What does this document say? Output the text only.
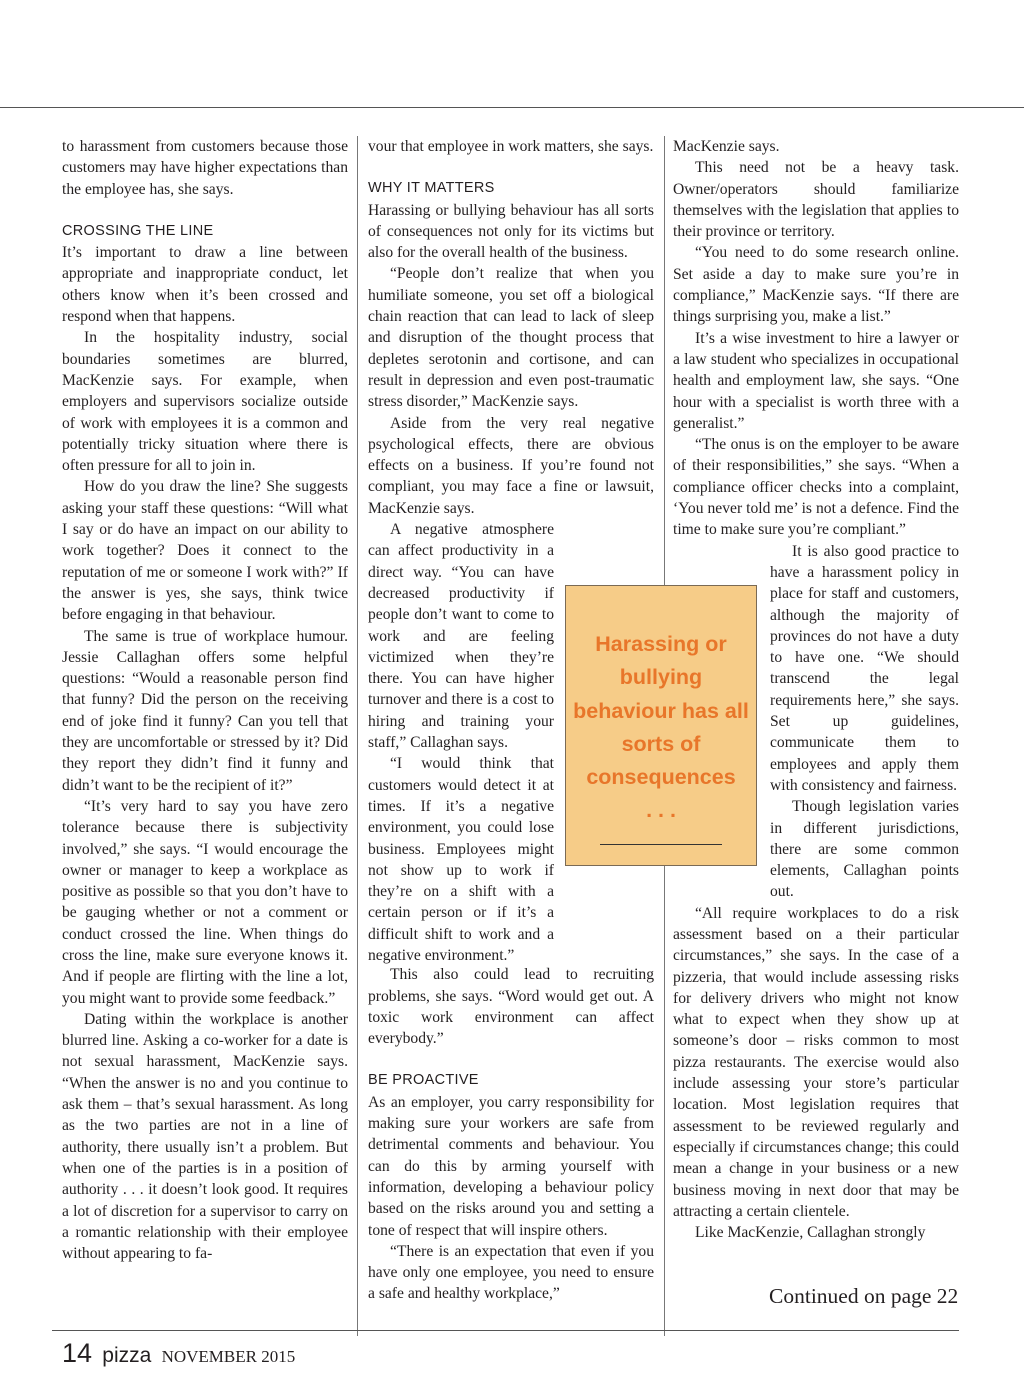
to harassment from customers because those customers may have higher expectations than the employee has, she says.

CROSSING THE LINE

It’s important to draw a line between appropriate and inappropriate conduct, let others know when it’s been crossed and respond when that happens.

In the hospitality industry, social boundaries sometimes are blurred, MacKenzie says. For example, when employers and supervisors socialize outside of work with employees it is a common and potentially tricky situation where there is often pressure for all to join in.

How do you draw the line? She suggests asking your staff these questions: “Will what I say or do have an impact on our ability to work together? Does it connect to the reputation of me or someone I work with?” If the answer is yes, she says, think twice before engaging in that behaviour.

The same is true of workplace humour. Jessie Callaghan offers some helpful questions: “Would a reasonable person find that funny? Did the person on the receiving end of joke find it funny? Can you tell that they are uncomfortable or stressed by it? Did they report they didn’t find it funny and didn’t want to be the recipient of it?”

“It’s very hard to say you have zero tolerance because there is subjectivity involved,” she says. “I would encourage the owner or manager to keep a workplace as positive as possible so that you don’t have to be gauging whether or not a comment or conduct crossed the line. When things do cross the line, make sure everyone knows it. And if people are flirting with the line a lot, you might want to provide some feedback.”

Dating within the workplace is another blurred line. Asking a co-worker for a date is not sexual harassment, MacKenzie says. “When the answer is no and you continue to ask them – that’s sexual harassment. As long as the two parties are not in a line of authority, there usually isn’t a problem. But when one of the parties is in a position of authority . . . it doesn’t look good. It requires a lot of discretion for a supervisor to carry on a romantic relationship with their employee without appearing to fa-

vour that employee in work matters, she says.

WHY IT MATTERS

Harassing or bullying behaviour has all sorts of consequences not only for its victims but also for the overall health of the business.

“People don’t realize that when you humiliate someone, you set off a biological chain reaction that can lead to lack of sleep and disruption of the thought process that depletes serotonin and cortisone, and can result in depression and even post-traumatic stress disorder,” MacKenzie says.

Aside from the very real negative psychological effects, there are obvious effects on a business. If you’re found not compliant, you may face a fine or lawsuit, MacKenzie says.

A negative atmosphere can affect productivity in a direct way. “You can have decreased productivity if people don’t want to come to work and are feeling victimized when they’re there. You can have higher turnover and there is a cost to hiring and training your staff,” Callaghan says.

“I would think that customers would detect it at times. If it’s a negative environment, you could lose business. Employees might not show up to work if they’re on a shift with a certain person or if it’s a difficult shift to work and a negative environment.”

This also could lead to recruiting problems, she says. “Word would get out. A toxic work environment can affect everybody.”

BE PROACTIVE

As an employer, you carry responsibility for making sure your workers are safe from detrimental comments and behaviour. You can do this by arming yourself with information, developing a behaviour policy based on the risks around you and setting a tone of respect that will inspire others.

“There is an expectation that even if you have only one employee, you need to ensure a safe and healthy workplace,”

MacKenzie says.

This need not be a heavy task. Owner/operators should familiarize themselves with the legislation that applies to their province or territory.

“You need to do some research online. Set aside a day to make sure you’re in compliance,” MacKenzie says. “If there are things surprising you, make a list.”

It’s a wise investment to hire a lawyer or a law student who specializes in occupational health and employment law, she says. “One hour with a specialist is worth three with a generalist.”

“The onus is on the employer to be aware of their responsibilities,” she says. “When a compliance officer checks into a complaint, ‘You never told me’ is not a defence. Find the time to make sure you’re compliant.”

It is also good practice to have a harassment policy in place for staff and customers, although the majority of provinces do not have a duty to have one. “We should transcend the legal requirements here,” she says. Set up guidelines, communicate them to employees and apply them with consistency and fairness.

Though legislation varies in different jurisdictions, there are some common elements, Callaghan points out.

“All require workplaces to do a risk assessment based on a their particular circumstances,” she says. In the case of a pizzeria, that would include assessing risks for delivery drivers who might not know what to expect when they show up at someone’s door – risks common to most pizza restaurants. The exercise would also include assessing your store’s particular location. Most legislation requires that assessment to be reviewed regularly and especially if circumstances change; this could mean a change in your business or a new business moving in next door that may be attracting a certain clientele.

Like MacKenzie, Callaghan strongly

Harassing or bullying behaviour has all sorts of consequences
. . .
Continued on page 22
14 pizza NOVEMBER 2015
